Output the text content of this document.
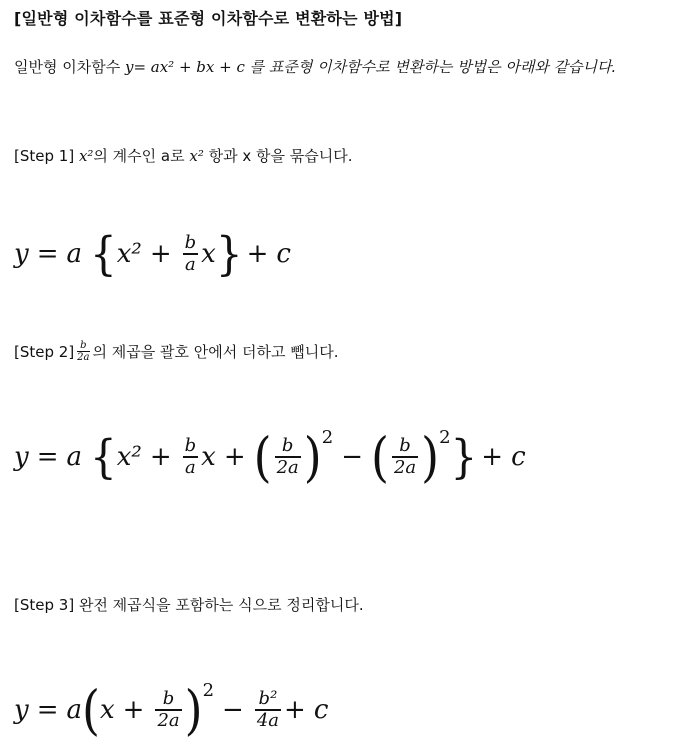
[일반형 이차함수를 표준형 이차함수로 변환하는 방법]
일반형 이차함수 y= ax² + bx + c 를 표준형 이차함수로 변환하는 방법은 아래와 같습니다.
[Step 1] x²의 계수인 a로 x² 항과 x 항을 묶습니다.
y = a { $x^2 + \frac{b}{a}$ x } + c
[Step 2] b
2a 의 제곱을 괄호 안에서 더하고 뺍니다.
y = a { $x^2 + \frac{b}{a}$ x + ( $\frac{b}{2a}$ ) 2
− ( $\frac{b}{2a}$ ) 2 } + c
[Step 3] 완전 제곱식을 포함하는 식으로 정리합니다.
y = a ( $x + \frac{b}{2a}$ ) 2
− $\frac{\text{b²}}{4a} + c$
